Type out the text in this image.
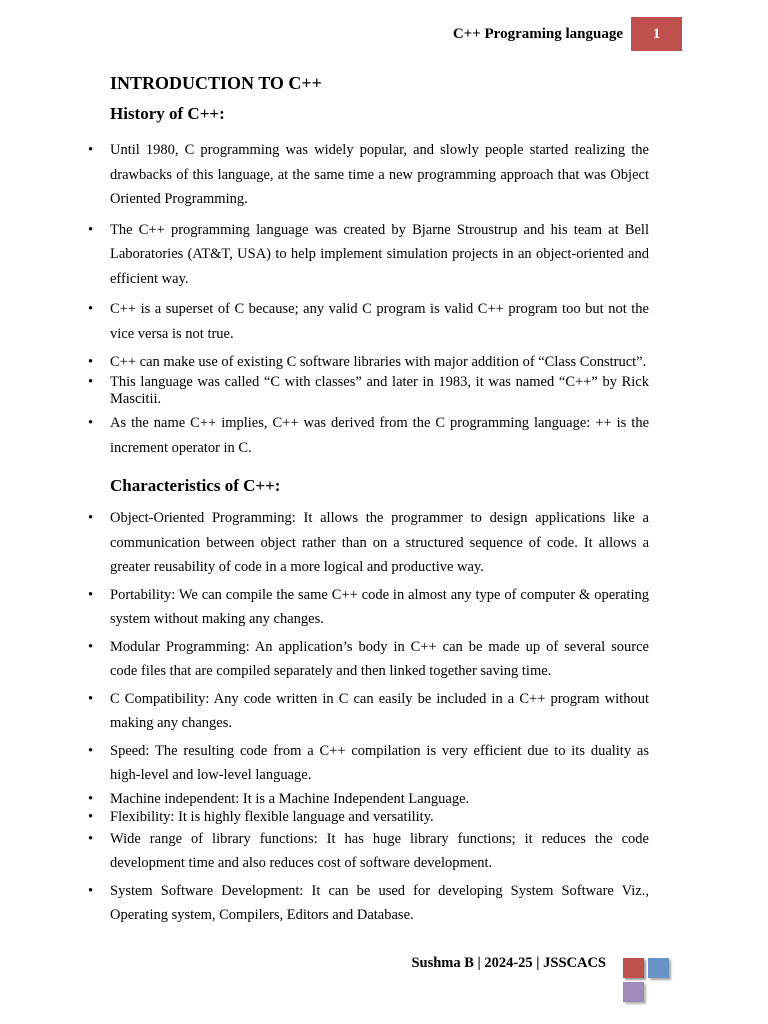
C++ Programing language 1
INTRODUCTION TO C++
History of C++:
• Until 1980, C programming was widely popular, and slowly people started realizing the drawbacks of this language, at the same time a new programming approach that was Object Oriented Programming.
• The C++ programming language was created by Bjarne Stroustrup and his team at Bell Laboratories (AT&T, USA) to help implement simulation projects in an object-oriented and efficient way.
• C++ is a superset of C because; any valid C program is valid C++ program too but not the vice versa is not true.
• C++ can make use of existing C software libraries with major addition of “Class Construct”.
• This language was called “C with classes” and later in 1983, it was named “C++” by Rick Mascitii.
• As the name C++ implies, C++ was derived from the C programming language: ++ is the increment operator in C.
Characteristics of C++:
• Object-Oriented Programming: It allows the programmer to design applications like a communication between object rather than on a structured sequence of code. It allows a greater reusability of code in a more logical and productive way.
• Portability: We can compile the same C++ code in almost any type of computer & operating system without making any changes.
• Modular Programming: An application’s body in C++ can be made up of several source code files that are compiled separately and then linked together saving time.
• C Compatibility: Any code written in C can easily be included in a C++ program without making any changes.
• Speed: The resulting code from a C++ compilation is very efficient due to its duality as high-level and low-level language.
• Machine independent: It is a Machine Independent Language.
• Flexibility: It is highly flexible language and versatility.
• Wide range of library functions: It has huge library functions; it reduces the code development time and also reduces cost of software development.
• System Software Development: It can be used for developing System Software Viz., Operating system, Compilers, Editors and Database.
Sushma B | 2024-25 | JSSCACS
